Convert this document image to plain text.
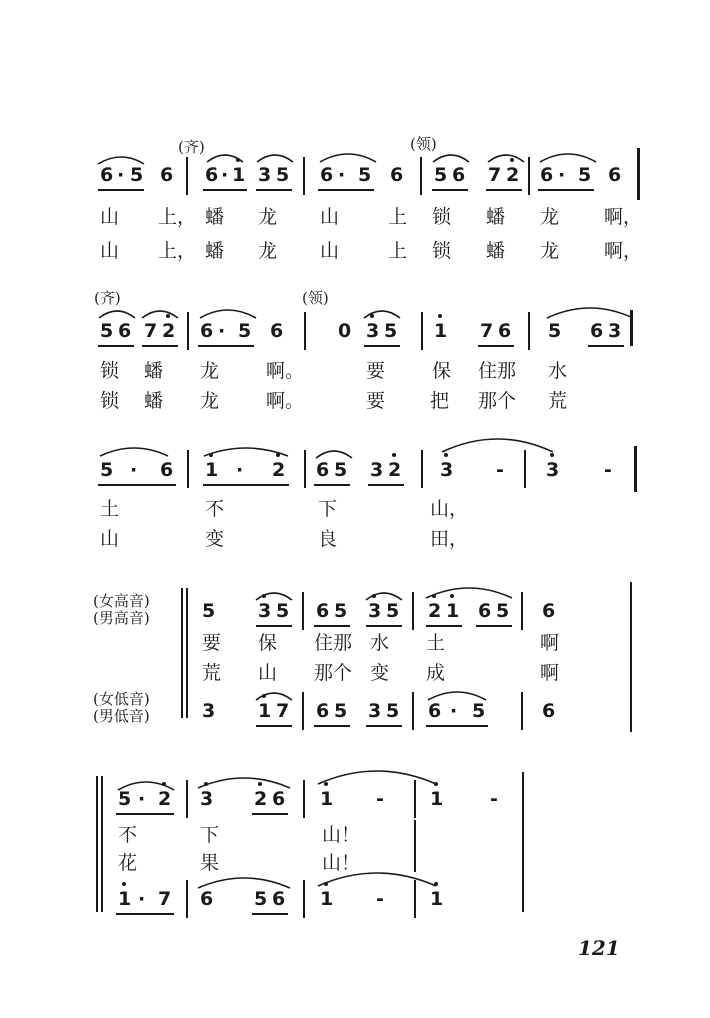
(齐)	(领)
6 · 5 6 6 · 1 3 5 6 · 5 6 5 6 7 2 6 · 5 6
山 上， 蟠 龙 山	上 锁 蟠 龙 啊，
山 上， 蟠 龙 山	上 锁 蟠 龙 啊，
(齐)	(领)
5 6 7 2 6 · 5 6	0 3 5 1 7 6 5 6 3
锁 蟠 龙 啊。	要 保 住那 水
锁 蟠 龙 啊。	要 把 那个 荒
5 · 6 1 · 2 6 5 3 2 3 - 3 -
土	不	下	山，
山	变	良	田，
(女高音)
(男高音)
(女低音)
(男低音)
5 3 5 6 5 3 5 2 1 6 5 6
要 保 住那 水 土	啊
荒 山 那个 变 成	啊
3 1 7 6 5 3 5 6 · 5	6
5 · 2 3 2 6 1 - 1 -
不	下	山！
花	果	山！
1 · 7 6 5 6 1 - 1
121
